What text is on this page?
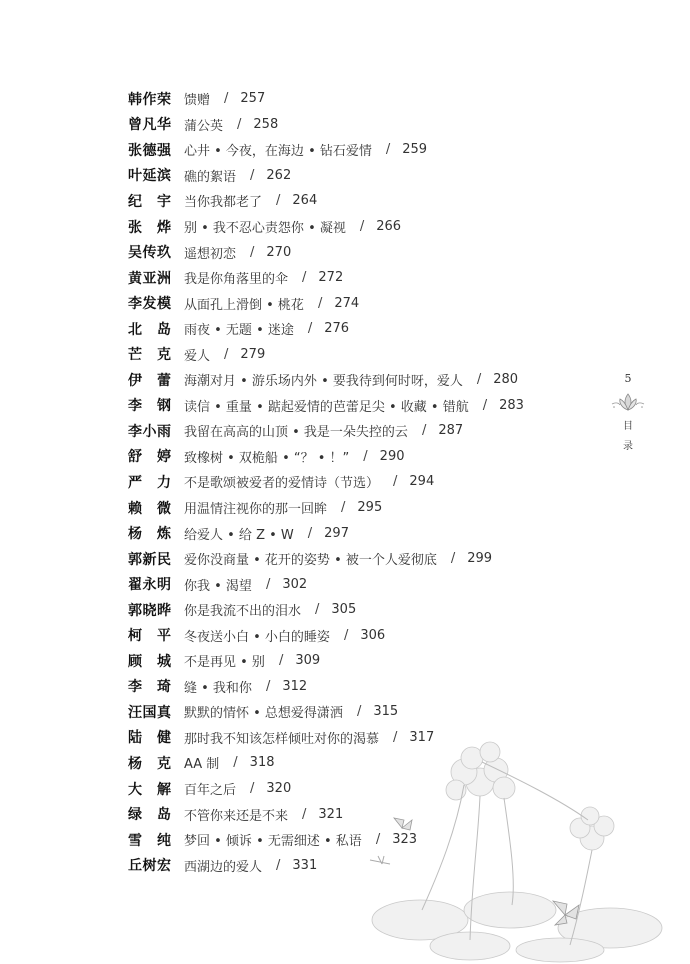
韩作荣 馈赠 / 257
曾凡华 蒲公英 / 258
张德强 心井 • 今夜，在海边 • 钻石爱情 / 259
叶延滨 礁的絮语 / 262
纪　宇 当你我都老了 / 264
张　烨 别 • 我不忍心责怨你 • 凝视 / 266
吴传玖 遥想初恋 / 270
黄亚洲 我是你角落里的伞 / 272
李发模 从面孔上滑倒 • 桃花 / 274
北　岛 雨夜 • 无题 • 迷途 / 276
芒　克 爱人 / 279
伊　蕾 海潮对月 • 游乐场内外 • 要我待到何时呀，爱人 / 280
李　钢 读信 • 重量 • 踮起爱情的芭蕾足尖 • 收藏 • 错航 / 283
李小雨 我留在高高的山顶 • 我是一朵失控的云 / 287
舒　婷 致橡树 • 双桅船 • “？ • ！” / 290
严　力 不是歌颂被爱者的爱情诗（节选） / 294
赖　微 用温情注视你的那一回眸 / 295
杨　炼 给爱人 • 给 Z • W / 297
郭新民 爱你没商量 • 花开的姿势 • 被一个人爱彻底 / 299
翟永明 你我 • 渴望 / 302
郭晓晔 你是我流不出的泪水 / 305
柯　平 冬夜送小白 • 小白的睡姿 / 306
顾　城 不是再见 • 别 / 309
李　琦 缝 • 我和你 / 312
汪国真 默默的情怀 • 总想爱得潇洒 / 315
陆　健 那时我不知该怎样倾吐对你的渴慕 / 317
杨　克 AA 制 / 318
大　解 百年之后 / 320
绿　岛 不管你来还是不来 / 321
雪　纯 梦回 • 倾诉 • 无需细述 • 私语 / 323
丘树宏 西湖边的爱人 / 331
5
目
录
